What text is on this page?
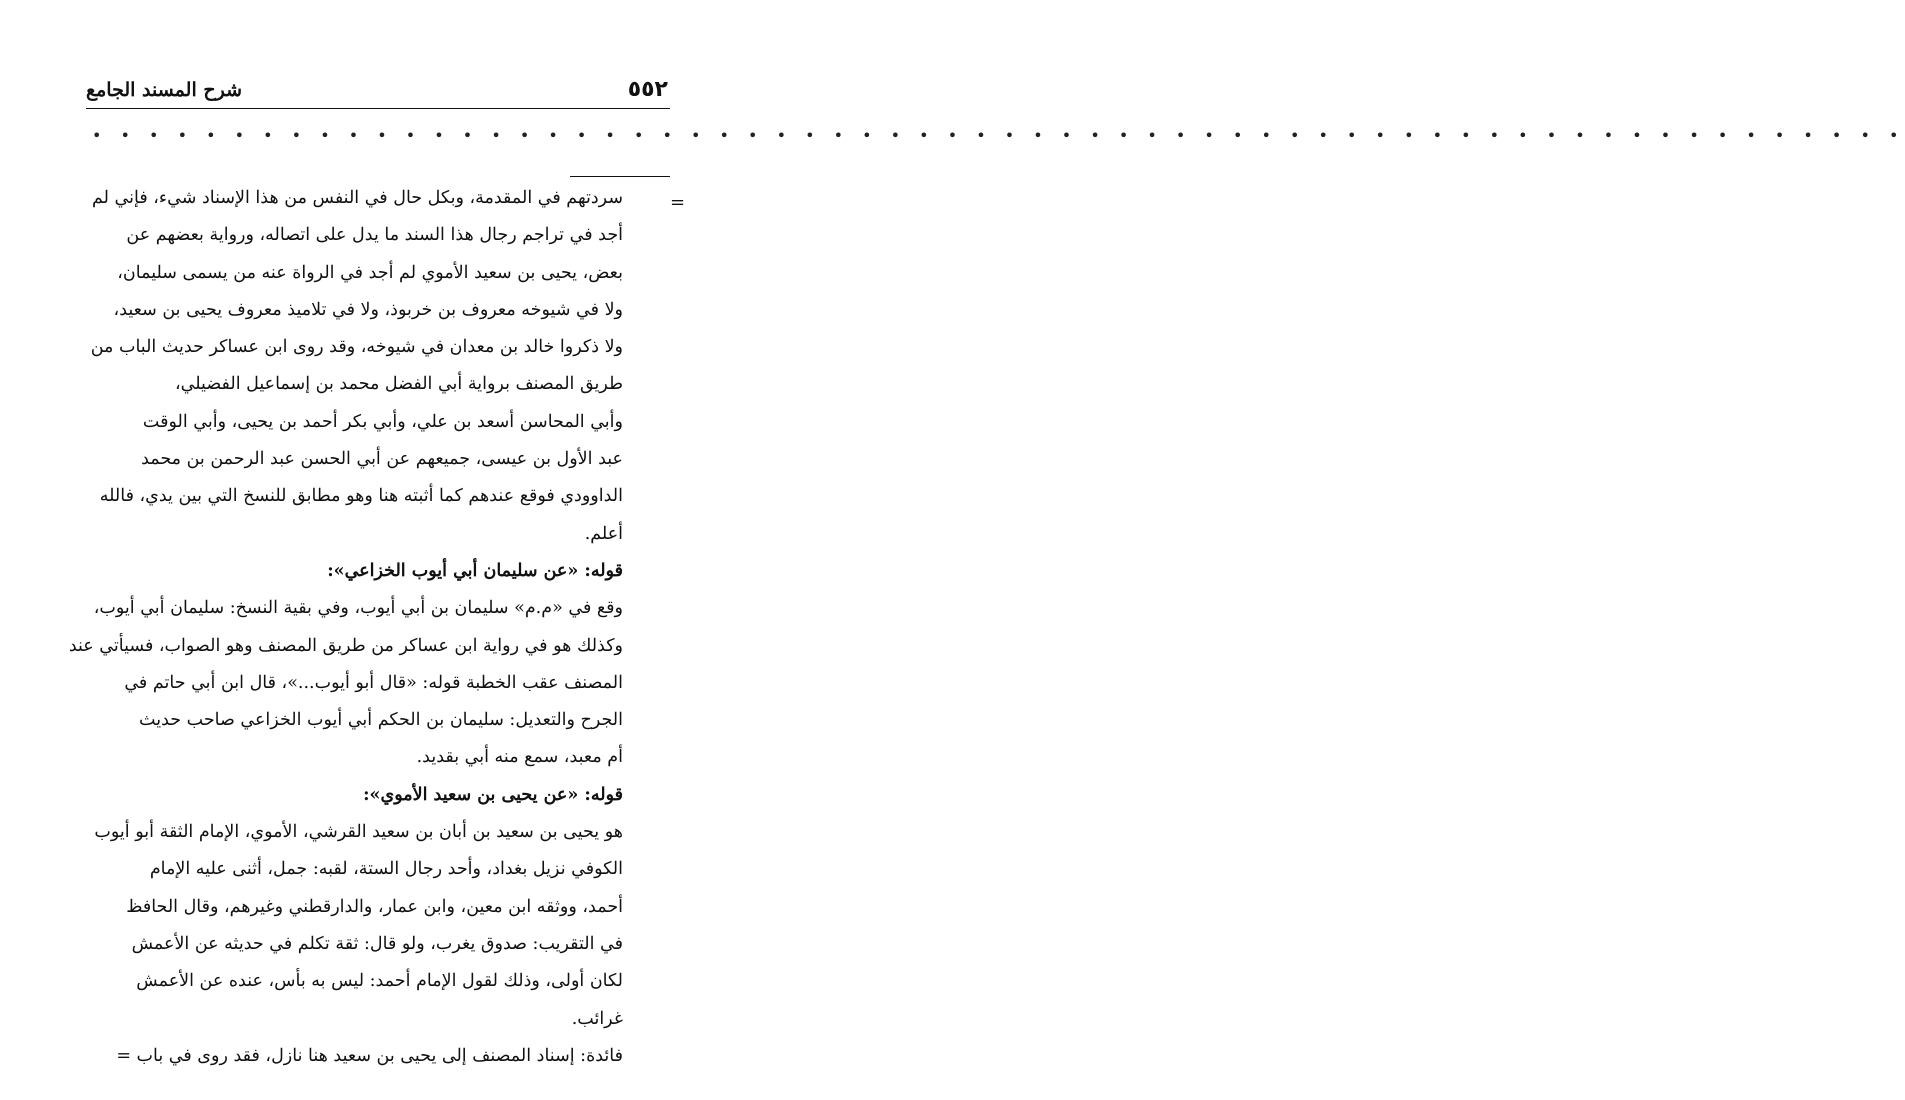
٥٥٢
شرح المسند الجامع
• • • • • • • • • • • • • • • • • • • • • • • • • • • • • • • • • • • • • • • • • • • • • • • • • • • • • • • • • • • • • • • •
=
سردتهم في المقدمة، وبكل حال في النفس من هذا الإسناد شيء، فإني لم
أجد في تراجم رجال هذا السند ما يدل على اتصاله، ورواية بعضهم عن
بعض، يحيى بن سعيد الأموي لم أجد في الرواة عنه من يسمى سليمان،
ولا في شيوخه معروف بن خربوذ، ولا في تلاميذ معروف يحيى بن سعيد،
ولا ذكروا خالد بن معدان في شيوخه، وقد روى ابن عساكر حديث الباب من
طريق المصنف برواية أبي الفضل محمد بن إسماعيل الفضيلي،
وأبي المحاسن أسعد بن علي، وأبي بكر أحمد بن يحيى، وأبي الوقت
عبد الأول بن عيسى، جميعهم عن أبي الحسن عبد الرحمن بن محمد
الداوودي فوقع عندهم كما أثبته هنا وهو مطابق للنسخ التي بين يدي، فالله
أعلم.
قوله: «عن سليمان أبي أيوب الخزاعي»:
وقع في «م.م» سليمان بن أبي أيوب، وفي بقية النسخ: سليمان أبي أيوب،
وكذلك هو في رواية ابن عساكر من طريق المصنف وهو الصواب، فسيأتي عند
المصنف عقب الخطبة قوله: «قال أبو أيوب...»، قال ابن أبي حاتم في
الجرح والتعديل: سليمان بن الحكم أبي أيوب الخزاعي صاحب حديث
أم معبد، سمع منه أبي بقديد.
قوله: «عن يحيى بن سعيد الأموي»:
هو يحيى بن سعيد بن أبان بن سعيد القرشي، الأموي، الإمام الثقة أبو أيوب
الكوفي نزيل بغداد، وأحد رجال الستة، لقبه: جمل، أثنى عليه الإمام
أحمد، ووثقه ابن معين، وابن عمار، والدارقطني وغيرهم، وقال الحافظ
في التقريب: صدوق يغرب، ولو قال: ثقة تكلم في حديثه عن الأعمش
لكان أولى، وذلك لقول الإمام أحمد: ليس به بأس، عنده عن الأعمش
غرائب.
فائدة: إسناد المصنف إلى يحيى بن سعيد هنا نازل، فقد روى في باب =
